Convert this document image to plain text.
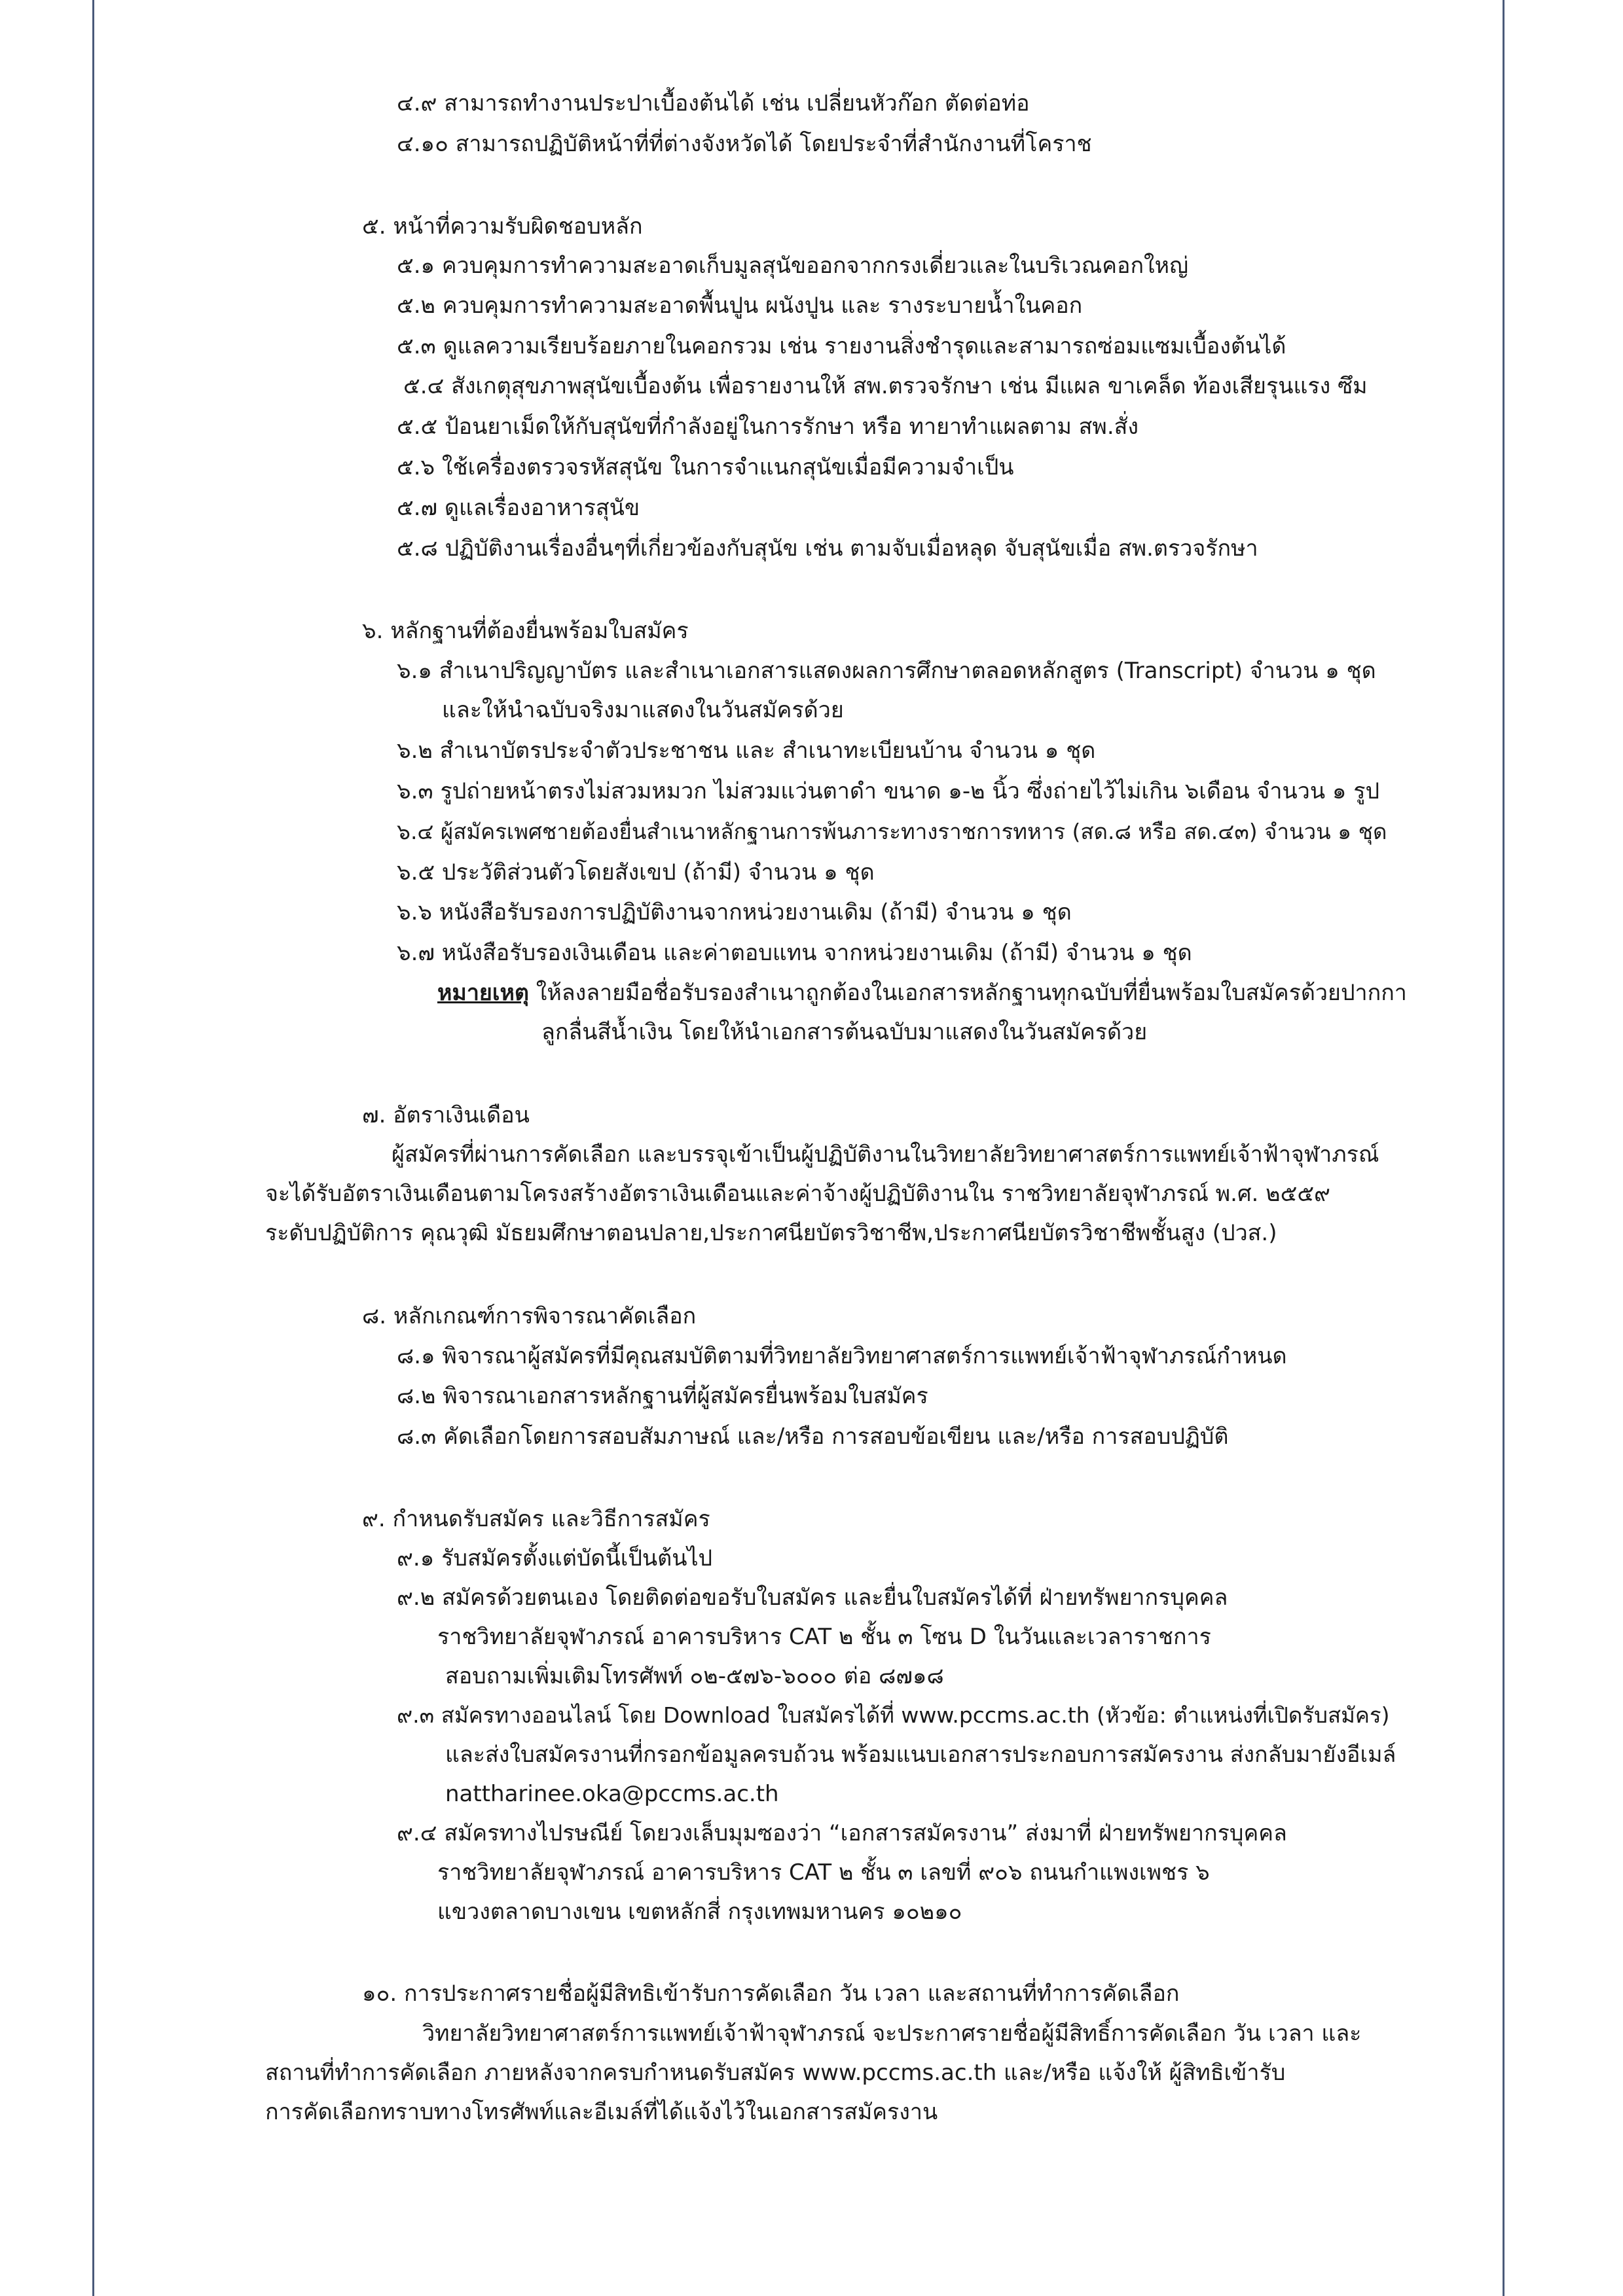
๔.๙ สามารถทำงานประปาเบื้องต้นได้ เช่น เปลี่ยนหัวก๊อก ตัดต่อท่อ
๔.๑๐ สามารถปฏิบัติหน้าที่ที่ต่างจังหวัดได้ โดยประจำที่สำนักงานที่โคราช
๕. หน้าที่ความรับผิดชอบหลัก
๕.๑ ควบคุมการทำความสะอาดเก็บมูลสุนัขออกจากกรงเดี่ยวและในบริเวณคอกใหญ่
๕.๒ ควบคุมการทำความสะอาดพื้นปูน ผนังปูน และ รางระบายน้ำในคอก
๕.๓ ดูแลความเรียบร้อยภายในคอกรวม เช่น รายงานสิ่งชำรุดและสามารถซ่อมแซมเบื้องต้นได้
๕.๔ สังเกตุสุขภาพสุนัขเบื้องต้น เพื่อรายงานให้ สพ.ตรวจรักษา เช่น มีแผล ขาเคล็ด ท้องเสียรุนแรง ซึม
๕.๕ ป้อนยาเม็ดให้กับสุนัขที่กำลังอยู่ในการรักษา หรือ ทายาทำแผลตาม สพ.สั่ง
๕.๖ ใช้เครื่องตรวจรหัสสุนัข ในการจำแนกสุนัขเมื่อมีความจำเป็น
๕.๗ ดูแลเรื่องอาหารสุนัข
๕.๘ ปฏิบัติงานเรื่องอื่นๆที่เกี่ยวข้องกับสุนัข เช่น ตามจับเมื่อหลุด จับสุนัขเมื่อ สพ.ตรวจรักษา
๖. หลักฐานที่ต้องยื่นพร้อมใบสมัคร
๖.๑ สำเนาปริญญาบัตร และสำเนาเอกสารแสดงผลการศึกษาตลอดหลักสูตร (Transcript) จำนวน ๑ ชุด
และให้นำฉบับจริงมาแสดงในวันสมัครด้วย
๖.๒ สำเนาบัตรประจำตัวประชาชน และ สำเนาทะเบียนบ้าน จำนวน ๑ ชุด
๖.๓ รูปถ่ายหน้าตรงไม่สวมหมวก ไม่สวมแว่นตาดำ ขนาด ๑-๒ นิ้ว ซึ่งถ่ายไว้ไม่เกิน ๖เดือน จำนวน ๑ รูป
๖.๔ ผู้สมัครเพศชายต้องยื่นสำเนาหลักฐานการพ้นภาระทางราชการทหาร (สด.๘ หรือ สด.๔๓) จำนวน ๑ ชุด
๖.๕ ประวัติส่วนตัวโดยสังเขป (ถ้ามี) จำนวน ๑ ชุด
๖.๖ หนังสือรับรองการปฏิบัติงานจากหน่วยงานเดิม (ถ้ามี) จำนวน ๑ ชุด
๖.๗ หนังสือรับรองเงินเดือน และค่าตอบแทน จากหน่วยงานเดิม (ถ้ามี) จำนวน ๑ ชุด
หมายเหตุ ให้ลงลายมือชื่อรับรองสำเนาถูกต้องในเอกสารหลักฐานทุกฉบับที่ยื่นพร้อมใบสมัครด้วยปากกา
ลูกลื่นสีน้ำเงิน โดยให้นำเอกสารต้นฉบับมาแสดงในวันสมัครด้วย
๗. อัตราเงินเดือน
ผู้สมัครที่ผ่านการคัดเลือก และบรรจุเข้าเป็นผู้ปฏิบัติงานในวิทยาลัยวิทยาศาสตร์การแพทย์เจ้าฟ้าจุฬาภรณ์
จะได้รับอัตราเงินเดือนตามโครงสร้างอัตราเงินเดือนและค่าจ้างผู้ปฏิบัติงานใน ราชวิทยาลัยจุฬาภรณ์ พ.ศ. ๒๕๕๙
ระดับปฏิบัติการ คุณวุฒิ มัธยมศึกษาตอนปลาย,ประกาศนียบัตรวิชาชีพ,ประกาศนียบัตรวิชาชีพชั้นสูง (ปวส.)
๘. หลักเกณฑ์การพิจารณาคัดเลือก
๘.๑ พิจารณาผู้สมัครที่มีคุณสมบัติตามที่วิทยาลัยวิทยาศาสตร์การแพทย์เจ้าฟ้าจุฬาภรณ์กำหนด
๘.๒ พิจารณาเอกสารหลักฐานที่ผู้สมัครยื่นพร้อมใบสมัคร
๘.๓ คัดเลือกโดยการสอบสัมภาษณ์ และ/หรือ การสอบข้อเขียน และ/หรือ การสอบปฏิบัติ
๙. กำหนดรับสมัคร และวิธีการสมัคร
๙.๑ รับสมัครตั้งแต่บัดนี้เป็นต้นไป
๙.๒ สมัครด้วยตนเอง โดยติดต่อขอรับใบสมัคร และยื่นใบสมัครได้ที่ ฝ่ายทรัพยากรบุคคล
ราชวิทยาลัยจุฬาภรณ์ อาคารบริหาร CAT ๒ ชั้น ๓ โซน D ในวันและเวลาราชการ
สอบถามเพิ่มเติมโทรศัพท์ ๐๒-๕๗๖-๖๐๐๐ ต่อ ๘๗๑๘
๙.๓ สมัครทางออนไลน์ โดย Download ใบสมัครได้ที่ www.pccms.ac.th (หัวข้อ: ตำแหน่งที่เปิดรับสมัคร)
และส่งใบสมัครงานที่กรอกข้อมูลครบถ้วน พร้อมแนบเอกสารประกอบการสมัครงาน ส่งกลับมายังอีเมล์
nattharinee.oka@pccms.ac.th
๙.๔ สมัครทางไปรษณีย์ โดยวงเล็บมุมซองว่า “เอกสารสมัครงาน” ส่งมาที่ ฝ่ายทรัพยากรบุคคล
ราชวิทยาลัยจุฬาภรณ์ อาคารบริหาร CAT ๒ ชั้น ๓ เลขที่ ๙๐๖ ถนนกำแพงเพชร ๖
แขวงตลาดบางเขน เขตหลักสี่ กรุงเทพมหานคร ๑๐๒๑๐
๑๐. การประกาศรายชื่อผู้มีสิทธิเข้ารับการคัดเลือก วัน เวลา และสถานที่ทำการคัดเลือก
วิทยาลัยวิทยาศาสตร์การแพทย์เจ้าฟ้าจุฬาภรณ์ จะประกาศรายชื่อผู้มีสิทธิ์การคัดเลือก วัน เวลา และ
สถานที่ทำการคัดเลือก ภายหลังจากครบกำหนดรับสมัคร www.pccms.ac.th และ/หรือ แจ้งให้ ผู้สิทธิเข้ารับ
การคัดเลือกทราบทางโทรศัพท์และอีเมล์ที่ได้แจ้งไว้ในเอกสารสมัครงาน
